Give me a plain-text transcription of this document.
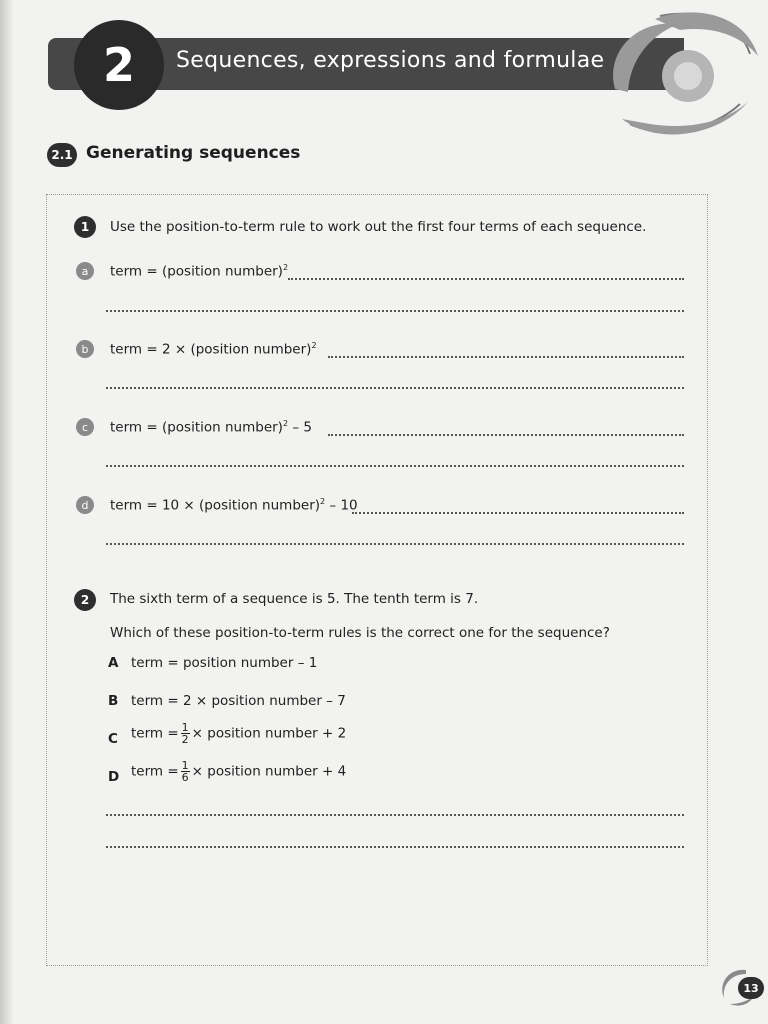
2	Sequences, expressions and formulae
2.1 Generating sequences
1	Use the position-to-term rule to work out the first four terms of each sequence.
a	term = (position number)$^2$
b	term = 2 × (position number)$^2$
c	term = (position number)$^2$ – 5
d	term = 10 × (position number)$^2$ – 10
2	The sixth term of a sequence is 5. The tenth term is 7.
Which of these position-to-term rules is the correct one for the sequence?
A term = position number – 1
B term = 2 × position number – 7
C term = $\frac{1}{2}$ × position number + 2
D term = $\frac{1}{6}$ × position number + 4
13
